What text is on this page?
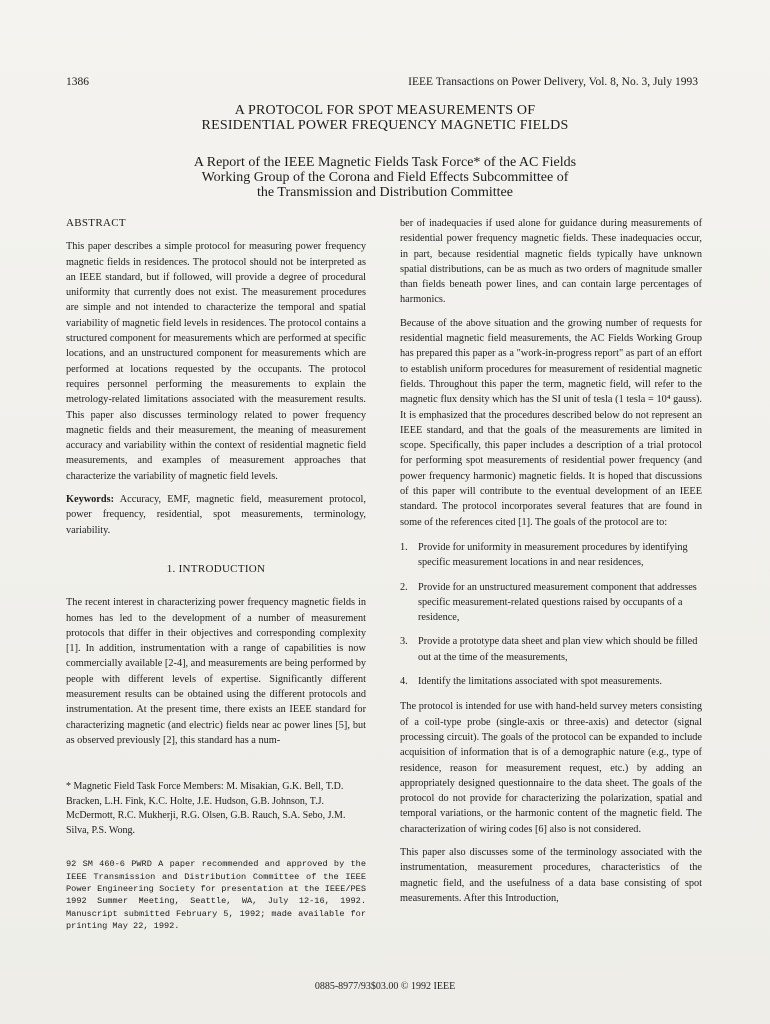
1386	IEEE Transactions on Power Delivery, Vol. 8, No. 3, July 1993
A PROTOCOL FOR SPOT MEASUREMENTS OF
RESIDENTIAL POWER FREQUENCY MAGNETIC FIELDS
A Report of the IEEE Magnetic Fields Task Force* of the AC Fields
Working Group of the Corona and Field Effects Subcommittee of
the Transmission and Distribution Committee
ABSTRACT

This paper describes a simple protocol for measuring power frequency magnetic fields in residences. The protocol should not be interpreted as an IEEE standard, but if followed, will provide a degree of procedural uniformity that currently does not exist. The measurement procedures are simple and not intended to characterize the temporal and spatial variability of magnetic field levels in residences. The protocol contains a structured component for measurements which are performed at specific locations, and an unstructured component for measurements which are performed at locations requested by the occupants. The protocol requires personnel performing the measurements to explain the metrology-related limitations associated with the measurement results. This paper also discusses terminology related to power frequency magnetic fields and their measurement, the meaning of measurement accuracy and variability within the context of residential magnetic field measurements, and examples of measurement approaches that characterize the variability of magnetic field levels.

Keywords: Accuracy, EMF, magnetic field, measurement protocol, power frequency, residential, spot measurements, terminology, variability.

1. INTRODUCTION

The recent interest in characterizing power frequency magnetic fields in homes has led to the development of a number of measurement protocols that differ in their objectives and corresponding complexity [1]. In addition, instrumentation with a range of capabilities is now commercially available [2-4], and measurements are being performed by people with different levels of expertise. Significantly different measurement results can be obtained using the different protocols and instrumentation. At the present time, there exists an IEEE standard for characterizing magnetic (and electric) fields near ac power lines [5], but as observed previously [2], this standard has a num-

* Magnetic Field Task Force Members: M. Misakian, G.K. Bell, T.D. Bracken, L.H. Fink, K.C. Holte, J.E. Hudson, G.B. Johnson, T.J. McDermott, R.C. Mukherji, R.G. Olsen, G.B. Rauch, S.A. Sebo, J.M. Silva, P.S. Wong.
92 SM 460-6 PWRD A paper recommended and approved by the IEEE Transmission and Distribution Committee of the IEEE Power Engineering Society for presentation at the IEEE/PES 1992 Summer Meeting, Seattle, WA, July 12-16, 1992. Manuscript submitted February 5, 1992; made available for printing May 22, 1992.

ber of inadequacies if used alone for guidance during measurements of residential power frequency magnetic fields. These inadequacies occur, in part, because residential magnetic fields typically have unknown spatial distributions, can be as much as two orders of magnitude smaller than fields beneath power lines, and can contain large percentages of harmonics.

Because of the above situation and the growing number of requests for residential magnetic field measurements, the AC Fields Working Group has prepared this paper as a "work-in-progress report" as part of an effort to establish uniform procedures for measurement of residential magnetic fields. Throughout this paper the term, magnetic field, will refer to the magnetic flux density which has the SI unit of tesla (1 tesla = 10⁴ gauss). It is emphasized that the procedures described below do not represent an IEEE standard, and that the goals of the measurements are limited in scope. Specifically, this paper includes a description of a trial protocol for performing spot measurements of residential power frequency (and power frequency harmonic) magnetic fields. It is hoped that discussions of this paper will contribute to the eventual development of an IEEE standard. The protocol incorporates several features that are found in some of the references cited [1]. The goals of the protocol are to:

1. Provide for uniformity in measurement procedures by identifying specific measurement locations in and near residences,
2. Provide for an unstructured measurement component that addresses specific measurement-related questions raised by occupants of a residence,
3. Provide a prototype data sheet and plan view which should be filled out at the time of the measurements,
4. Identify the limitations associated with spot measurements.

The protocol is intended for use with hand-held survey meters consisting of a coil-type probe (single-axis or three-axis) and detector (signal processing circuit). The goals of the protocol can be expanded to include acquisition of information that is of a demographic nature (e.g., type of residence, reason for measurement request, etc.) by adding an appropriately designed questionnaire to the data sheet. The goals of the protocol do not provide for characterizing the polarization, spatial and temporal variations, or the harmonic content of the magnetic field. The characterization of wiring codes [6] also is not considered.

This paper also discusses some of the terminology associated with the instrumentation, measurement procedures, characteristics of the magnetic field, and the usefulness of a data base consisting of spot measurements. After this Introduction,

0885-8977/93$03.00 © 1992 IEEE
